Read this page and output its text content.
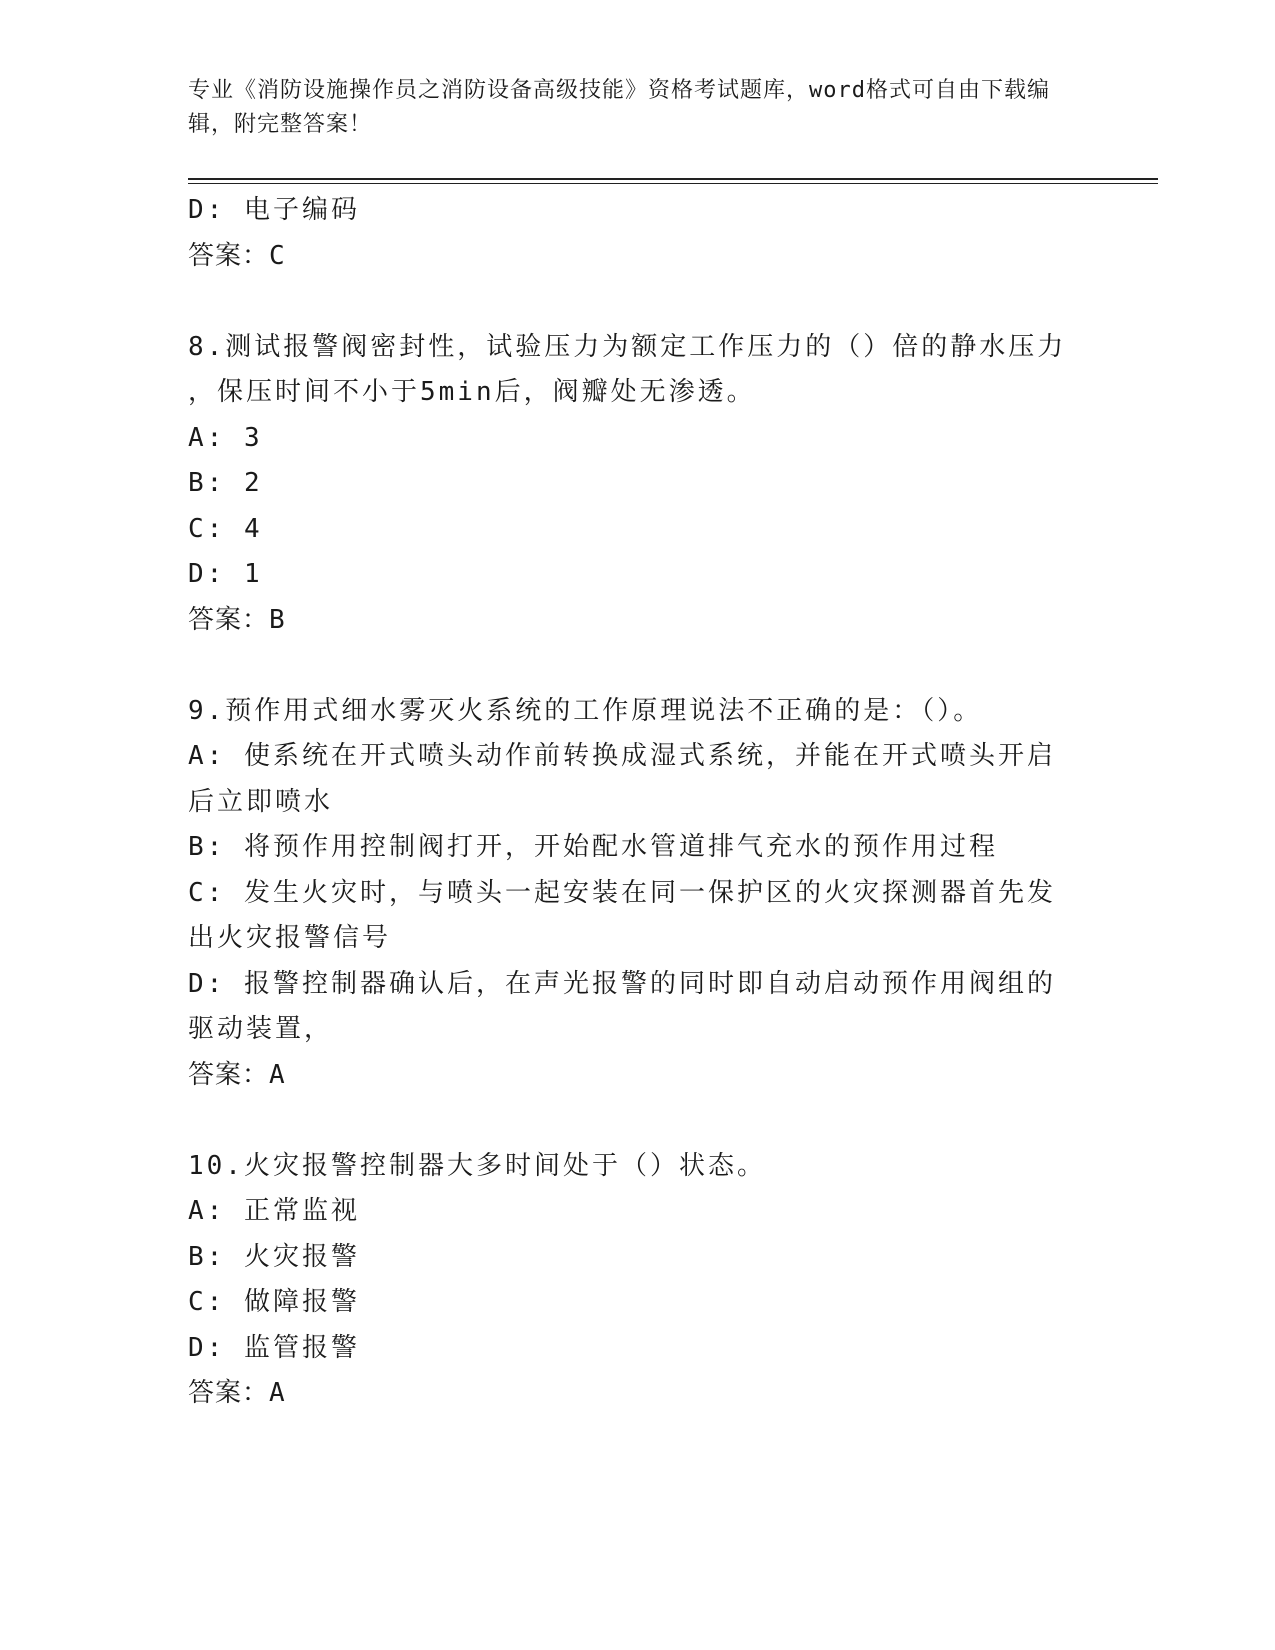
专业《消防设施操作员之消防设备高级技能》资格考试题库，word格式可自由下载编辑，附完整答案！
D: 电子编码
答案：C
8.测试报警阀密封性，试验压力为额定工作压力的（）倍的静水压力
，保压时间不小于5min后，阀瓣处无渗透。
A: 3
B: 2
C: 4
D: 1
答案：B
9.预作用式细水雾灭火系统的工作原理说法不正确的是：（）。
A: 使系统在开式喷头动作前转换成湿式系统，并能在开式喷头开启后立即喷水
B: 将预作用控制阀打开，开始配水管道排气充水的预作用过程
C: 发生火灾时，与喷头一起安装在同一保护区的火灾探测器首先发出火灾报警信号
D: 报警控制器确认后，在声光报警的同时即自动启动预作用阀组的驱动装置，
答案：A
10.火灾报警控制器大多时间处于（）状态。
A: 正常监视
B: 火灾报警
C: 做障报警
D: 监管报警
答案：A
